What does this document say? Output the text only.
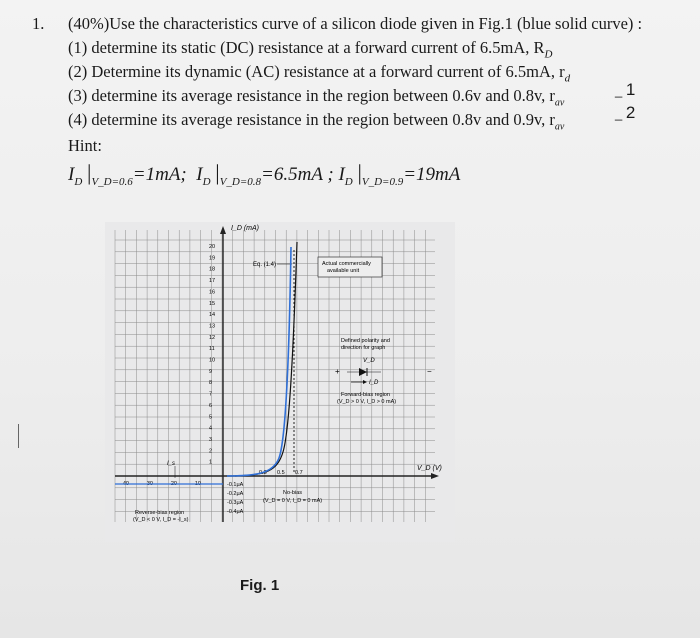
1. (40%)Use the characteristics curve of a silicon diode given in Fig.1 (blue solid curve) :
(1) determine its static (DC) resistance at a forward current of 6.5mA, $R_D$
(2) Determine its dynamic (AC) resistance at a forward current of 6.5mA, $r_d$
(3) determine its average resistance in the region between 0.6v and 0.8v, $r_{av}$
(4) determine its average resistance in the region between 0.8v and 0.9v, $r_{av}$
_ 1
_ 2
Hint:
$I_D$ $|_{V\_D=0.6}=1mA$; $I_D$ $|_{V\_D=0.8}=6.5mA$ ; $I_D$ $|_{V\_D=0.9}=19mA$
I_D (mA)
V_D (V)
20
19
18
17
16
15
14
13
12
11
10
9
8
7
6
5
4
3
2
1
-40	-30	-20	-10
0.3 0.5 0.7
-0.1μA
-0.2μA
-0.3μA
-0.4μA
Eq. (1.4)	Actual commercially available unit
Defined polarity and direction for graph
V_D
+	−
I_D
Forward-bias region
(V_D > 0 V, I_D > 0 mA)
Reverse-bias region
(V_D < 0 V, I_D = -I_s)
I_s
No-bias
(V_D = 0 V, I_D = 0 mA)
Fig. 1
